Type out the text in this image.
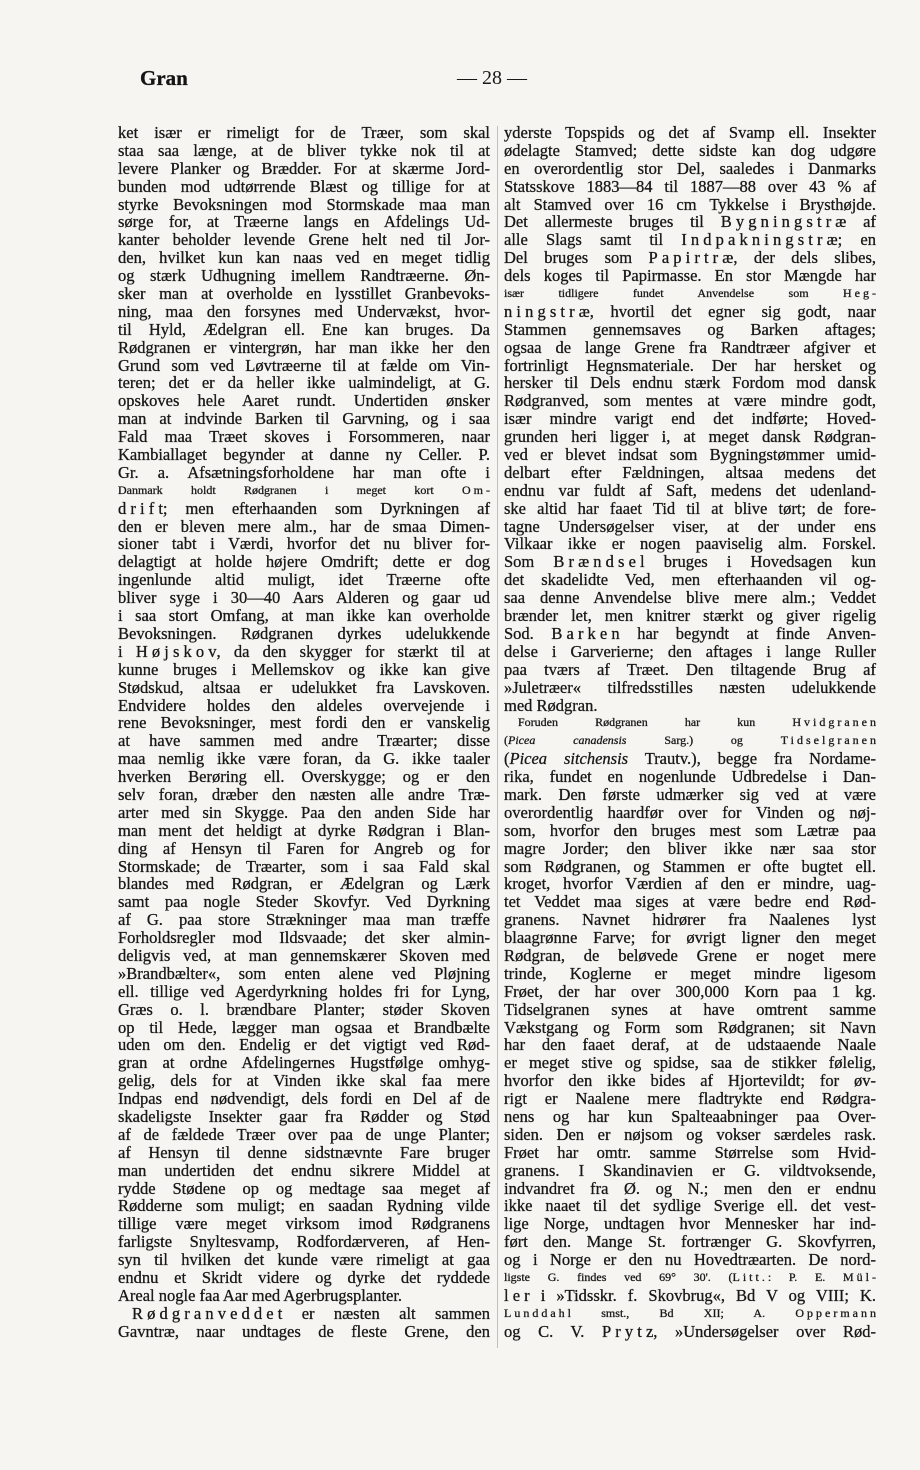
Gran	— 28 —
ket især er rimeligt for de Træer, som skal
staa saa længe, at de bliver tykke nok til at
levere Planker og Brædder. For at skærme Jord-
bunden mod udtørrende Blæst og tillige for at
styrke Bevoksningen mod Stormskade maa man
sørge for, at Træerne langs en Afdelings Ud-
kanter beholder levende Grene helt ned til Jor-
den, hvilket kun kan naas ved en meget tidlig
og stærk Udhugning imellem Randtræerne. Øn-
sker man at overholde en lysstillet Granbevoks-
ning, maa den forsynes med Undervækst, hvor-
til Hyld, Ædelgran ell. Ene kan bruges. Da
Rødgranen er vintergrøn, har man ikke her den
Grund som ved Løvtræerne til at fælde om Vin-
teren; det er da heller ikke ualmindeligt, at G.
opskoves hele Aaret rundt. Undertiden ønsker
man at indvinde Barken til Garvning, og i saa
Fald maa Træet skoves i Forsommeren, naar
Kambiallaget begynder at danne ny Celler. P.
Gr. a. Afsætningsforholdene har man ofte i
Danmark holdt Rødgranen i meget kort Om-
drift; men efterhaanden som Dyrkningen af
den er bleven mere alm., har de smaa Dimen-
sioner tabt i Værdi, hvorfor det nu bliver for-
delagtigt at holde højere Omdrift; dette er dog
ingenlunde altid muligt, idet Træerne ofte
bliver syge i 30—40 Aars Alderen og gaar ud
i saa stort Omfang, at man ikke kan overholde
Bevoksningen. Rødgranen dyrkes udelukkende
i Højskov, da den skygger for stærkt til at
kunne bruges i Mellemskov og ikke kan give
Stødskud, altsaa er udelukket fra Lavskoven.
Endvidere holdes den aldeles overvejende i
rene Bevoksninger, mest fordi den er vanskelig
at have sammen med andre Træarter; disse
maa nemlig ikke være foran, da G. ikke taaler
hverken Berøring ell. Overskygge; og er den
selv foran, dræber den næsten alle andre Træ-
arter med sin Skygge. Paa den anden Side har
man ment det heldigt at dyrke Rødgran i Blan-
ding af Hensyn til Faren for Angreb og for
Stormskade; de Træarter, som i saa Fald skal
blandes med Rødgran, er Ædelgran og Lærk
samt paa nogle Steder Skovfyr. Ved Dyrkning
af G. paa store Strækninger maa man træffe
Forholdsregler mod Ildsvaade; det sker almin-
deligvis ved, at man gennemskærer Skoven med
»Brandbælter«, som enten alene ved Pløjning
ell. tillige ved Agerdyrkning holdes fri for Lyng,
Græs o. l. brændbare Planter; støder Skoven
op til Hede, lægger man ogsaa et Brandbælte
uden om den. Endelig er det vigtigt ved Rød-
gran at ordne Afdelingernes Hugstfølge omhyg-
gelig, dels for at Vinden ikke skal faa mere
Indpas end nødvendigt, dels fordi en Del af de
skadeligste Insekter gaar fra Rødder og Stød
af de fældede Træer over paa de unge Planter;
af Hensyn til denne sidstnævnte Fare bruger
man undertiden det endnu sikrere Middel at
rydde Stødene op og medtage saa meget af
Rødderne som muligt; en saadan Rydning vilde
tillige være meget virksom imod Rødgranens
farligste Snyltesvamp, Rodfordærveren, af Hen-
syn til hvilken det kunde være rimeligt at gaa
endnu et Skridt videre og dyrke det ryddede
Areal nogle faa Aar med Agerbrugsplanter.
Rødgranveddet er næsten alt sammen
Gavntræ, naar undtages de fleste Grene, den
yderste Topspids og det af Svamp ell. Insekter
ødelagte Stamved; dette sidste kan dog udgøre
en overordentlig stor Del, saaledes i Danmarks
Statsskove 1883—84 til 1887—88 over 43 % af
alt Stamved over 16 cm Tykkelse i Brysthøjde.
Det allermeste bruges til Bygningstræ af
alle Slags samt til Indpakningstræ; en
Del bruges som Papirtræ, der dels slibes,
dels koges til Papirmasse. En stor Mængde har
især tidligere fundet Anvendelse som Heg-
ningstræ, hvortil det egner sig godt, naar
Stammen gennemsaves og Barken aftages;
ogsaa de lange Grene fra Randtræer afgiver et
fortrinligt Hegnsmateriale. Der har hersket og
hersker til Dels endnu stærk Fordom mod dansk
Rødgranved, som mentes at være mindre godt,
især mindre varigt end det indførte; Hoved-
grunden heri ligger i, at meget dansk Rødgran-
ved er blevet indsat som Bygningstømmer umid-
delbart efter Fældningen, altsaa medens det
endnu var fuldt af Saft, medens det udenland-
ske altid har faaet Tid til at blive tørt; de fore-
tagne Undersøgelser viser, at der under ens
Vilkaar ikke er nogen paaviselig alm. Forskel.
Som Brændsel bruges i Hovedsagen kun
det skadelidte Ved, men efterhaanden vil og-
saa denne Anvendelse blive mere alm.; Veddet
brænder let, men knitrer stærkt og giver rigelig
Sod. Barken har begyndt at finde Anven-
delse i Garverierne; den aftages i lange Ruller
paa tværs af Træet. Den tiltagende Brug af
»Juletræer« tilfredsstilles næsten udelukkende
med Rødgran.
Foruden Rødgranen har kun Hvidgranen
(Picea canadensis Sarg.) og Tidselgranen
(Picea sitchensis Trautv.), begge fra Nordame-
rika, fundet en nogenlunde Udbredelse i Dan-
mark. Den første udmærker sig ved at være
overordentlig haardfør over for Vinden og nøj-
som, hvorfor den bruges mest som Lætræ paa
magre Jorder; den bliver ikke nær saa stor
som Rødgranen, og Stammen er ofte bugtet ell.
kroget, hvorfor Værdien af den er mindre, uag-
tet Veddet maa siges at være bedre end Rød-
granens. Navnet hidrører fra Naalenes lyst
blaagrønne Farve; for øvrigt ligner den meget
Rødgran, de beløvede Grene er noget mere
trinde, Koglerne er meget mindre ligesom
Frøet, der har over 300,000 Korn paa 1 kg.
Tidselgranen synes at have omtrent samme
Vækstgang og Form som Rødgranen; sit Navn
har den faaet deraf, at de udstaaende Naale
er meget stive og spidse, saa de stikker følelig,
hvorfor den ikke bides af Hjortevildt; for øv-
rigt er Naalene mere fladtrykte end Rødgra-
nens og har kun Spalteaabninger paa Over-
siden. Den er nøjsom og vokser særdeles rask.
Frøet har omtr. samme Størrelse som Hvid-
granens. I Skandinavien er G. vildtvoksende,
indvandret fra Ø. og N.; men den er endnu
ikke naaet til det sydlige Sverige ell. det vest-
lige Norge, undtagen hvor Mennesker har ind-
ført den. Mange St. fortrænger G. Skovfyrren,
og i Norge er den nu Hovedtræarten. De nord-
ligste G. findes ved 69° 30'. (Litt.: P. E. Mül-
ler i »Tidsskr. f. Skovbrug«, Bd V og VIII; K.
Lunddahl smst., Bd XII; A. Oppermann
og C. V. Prytz, »Undersøgelser over Rød-
